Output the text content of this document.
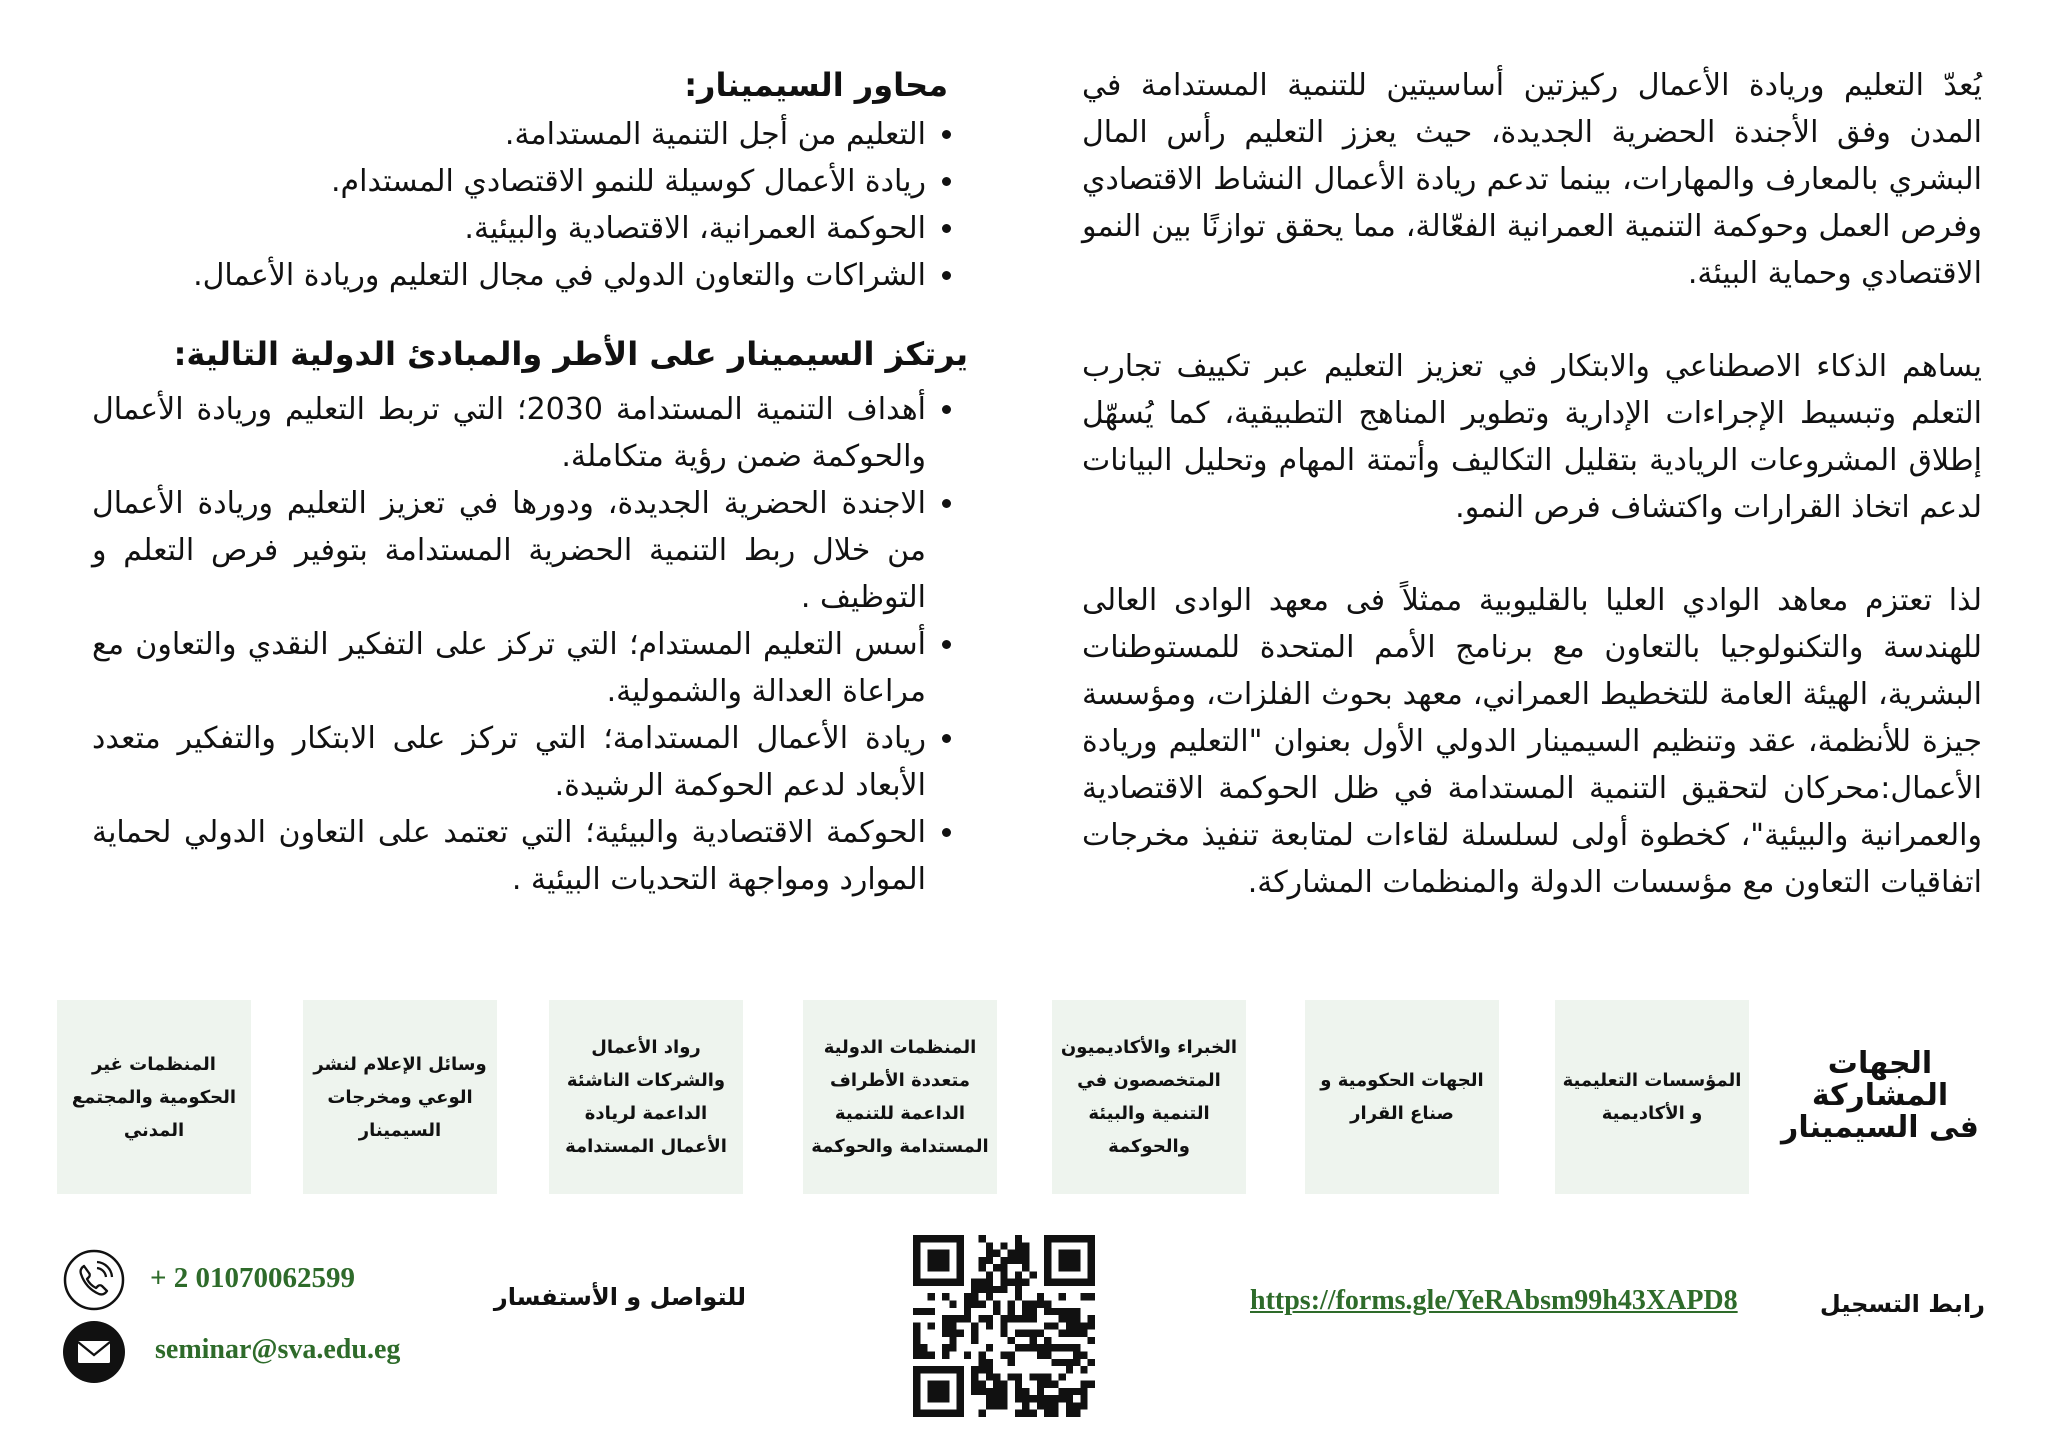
يُعدّ التعليم وريادة الأعمال ركيزتين أساسيتين للتنمية المستدامة في المدن وفق الأجندة الحضرية الجديدة، حيث يعزز التعليم رأس المال البشري بالمعارف والمهارات، بينما تدعم ريادة الأعمال النشاط الاقتصادي وفرص العمل وحوكمة التنمية العمرانية الفعّالة، مما يحقق توازنًا بين النمو الاقتصادي وحماية البيئة.

يساهم الذكاء الاصطناعي والابتكار في تعزيز التعليم عبر تكييف تجارب التعلم وتبسيط الإجراءات الإدارية وتطوير المناهج التطبيقية، كما يُسهّل إطلاق المشروعات الريادية بتقليل التكاليف وأتمتة المهام وتحليل البيانات لدعم اتخاذ القرارات واكتشاف فرص النمو.

لذا تعتزم معاهد الوادي العليا بالقليوبية ممثلاً فى معهد الوادى العالى للهندسة والتكنولوجيا بالتعاون مع برنامج الأمم المتحدة للمستوطنات البشرية، الهيئة العامة للتخطيط العمراني، معهد بحوث الفلزات، ومؤسسة جيزة للأنظمة، عقد وتنظيم السيمينار الدولي الأول بعنوان "التعليم وريادة الأعمال:محركان لتحقيق التنمية المستدامة في ظل الحوكمة الاقتصادية والعمرانية والبيئية"، كخطوة أولى لسلسلة لقاءات لمتابعة تنفيذ مخرجات اتفاقيات التعاون مع مؤسسات الدولة والمنظمات المشاركة.

محاور السيمينار:
• التعليم من أجل التنمية المستدامة.
• ريادة الأعمال كوسيلة للنمو الاقتصادي المستدام.
• الحوكمة العمرانية، الاقتصادية والبيئية.
• الشراكات والتعاون الدولي في مجال التعليم وريادة الأعمال.
يرتكز السيمينار على الأطر والمبادئ الدولية التالية:
• أهداف التنمية المستدامة 2030؛ التي تربط التعليم وريادة الأعمال والحوكمة ضمن رؤية متكاملة.
• الاجندة الحضرية الجديدة، ودورها في تعزيز التعليم وريادة الأعمال من خلال ربط التنمية الحضرية المستدامة بتوفير فرص التعلم و التوظيف .
• أسس التعليم المستدام؛ التي تركز على التفكير النقدي والتعاون مع مراعاة العدالة والشمولية.
• ريادة الأعمال المستدامة؛ التي تركز على الابتكار والتفكير متعدد الأبعاد لدعم الحوكمة الرشيدة.
• الحوكمة الاقتصادية والبيئية؛ التي تعتمد على التعاون الدولي لحماية الموارد ومواجهة التحديات البيئية .
الجهات المشاركة
فى السيمينار
المؤسسات التعليمية و الأكاديمية
الجهات الحكومية و صناع القرار
الخبراء والأكاديميون المتخصصون في التنمية والبيئة والحوكمة
المنظمات الدولية متعددة الأطراف الداعمة للتنمية المستدامة والحوكمة
رواد الأعمال والشركات الناشئة الداعمة لريادة الأعمال المستدامة
وسائل الإعلام لنشر الوعي ومخرجات السيمينار
المنظمات غير الحكومية والمجتمع المدني
رابط التسجيل
https://forms.gle/YeRAbsm99h43XAPD8
للتواصل و الأستفسار
+ 2 01070062599
seminar@sva.edu.eg
